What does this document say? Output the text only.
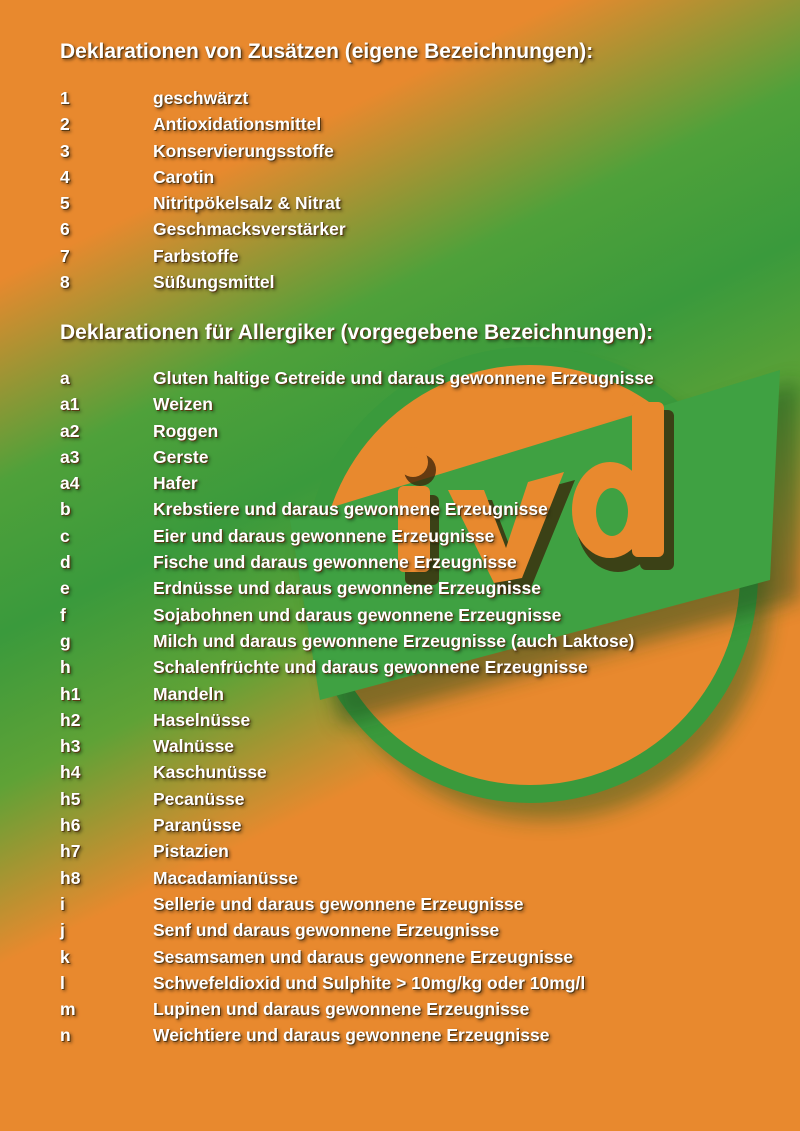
Deklarationen von Zusätzen (eigene Bezeichnungen):
1	geschwärzt
2	Antioxidationsmittel
3	Konservierungsstoffe
4	Carotin
5	Nitritpökelsalz & Nitrat
6	Geschmacksverstärker
7	Farbstoffe
8	Süßungsmittel
Deklarationen für Allergiker (vorgegebene Bezeichnungen):
a	Gluten haltige Getreide und daraus gewonnene Erzeugnisse
a1	Weizen
a2	Roggen
a3	Gerste
a4	Hafer
b	Krebstiere und daraus gewonnene Erzeugnisse
c	Eier und daraus gewonnene Erzeugnisse
d	Fische und daraus gewonnene Erzeugnisse
e	Erdnüsse und daraus gewonnene Erzeugnisse
f	Sojabohnen und daraus gewonnene Erzeugnisse
g	Milch und daraus gewonnene Erzeugnisse (auch Laktose)
h	Schalenfrüchte und daraus gewonnene Erzeugnisse
h1	Mandeln
h2	Haselnüsse
h3	Walnüsse
h4	Kaschunüsse
h5	Pecanüsse
h6	Paranüsse
h7	Pistazien
h8	Macadamianüsse
i	Sellerie und daraus gewonnene Erzeugnisse
j	Senf und daraus gewonnene Erzeugnisse
k	Sesamsamen und daraus gewonnene Erzeugnisse
l	Schwefeldioxid und Sulphite > 10mg/kg oder 10mg/l
m	Lupinen und daraus gewonnene Erzeugnisse
n	Weichtiere und daraus gewonnene Erzeugnisse
